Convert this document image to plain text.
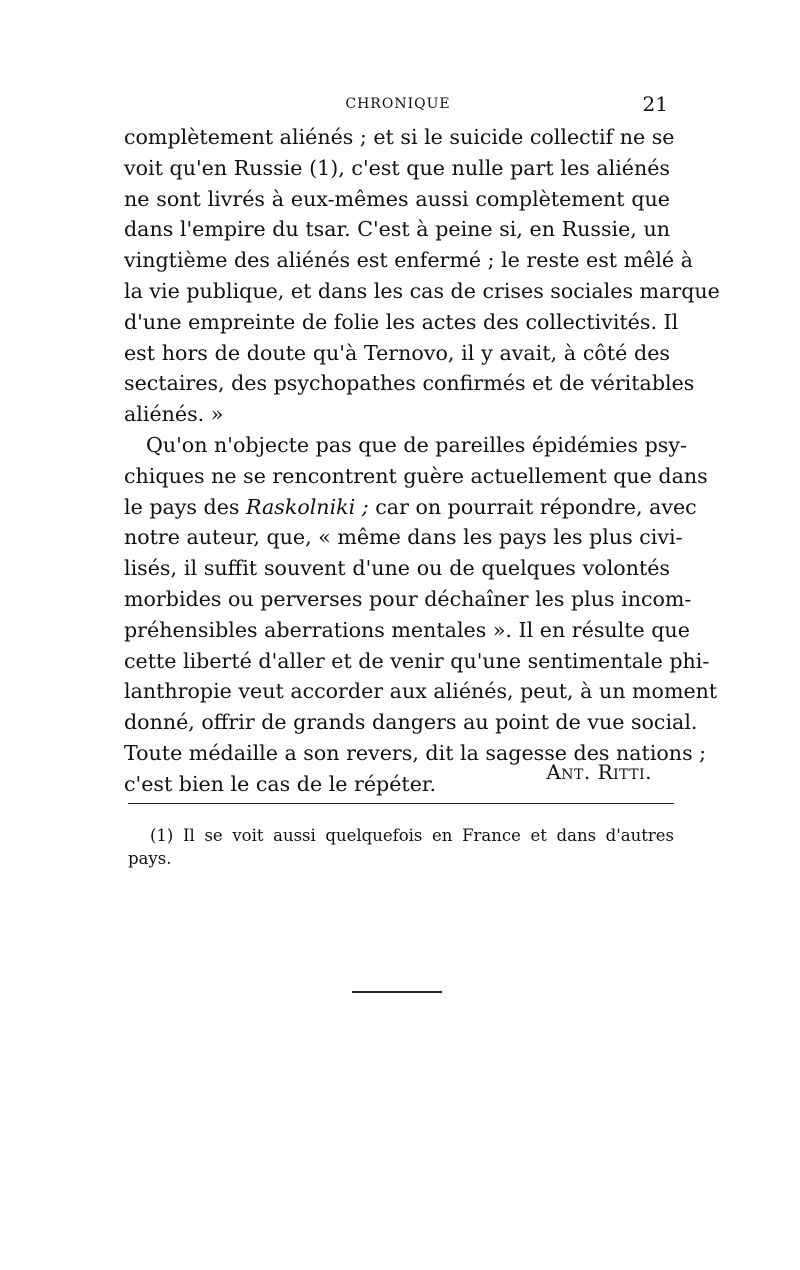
CHRONIQUE	21
complètement aliénés ; et si le suicide collectif ne se
voit qu'en Russie (1), c'est que nulle part les aliénés
ne sont livrés à eux-mêmes aussi complètement que
dans l'empire du tsar. C'est à peine si, en Russie, un
vingtième des aliénés est enfermé ; le reste est mêlé à
la vie publique, et dans les cas de crises sociales marque
d'une empreinte de folie les actes des collectivités. Il
est hors de doute qu'à Ternovo, il y avait, à côté des
sectaires, des psychopathes confirmés et de véritables
aliénés. »
Qu'on n'objecte pas que de pareilles épidémies psy-
chiques ne se rencontrent guère actuellement que dans
le pays des Raskolniki ; car on pourrait répondre, avec
notre auteur, que, « même dans les pays les plus civi-
lisés, il suffit souvent d'une ou de quelques volontés
morbides ou perverses pour déchaîner les plus incom-
préhensibles aberrations mentales ». Il en résulte que
cette liberté d'aller et de venir qu'une sentimentale phi-
lanthropie veut accorder aux aliénés, peut, à un moment
donné, offrir de grands dangers au point de vue social.
Toute médaille a son revers, dit la sagesse des nations ;
c'est bien le cas de le répéter.	Ant. Ritti.
(1) Il se voit aussi quelquefois en France et dans d'autres
pays.
